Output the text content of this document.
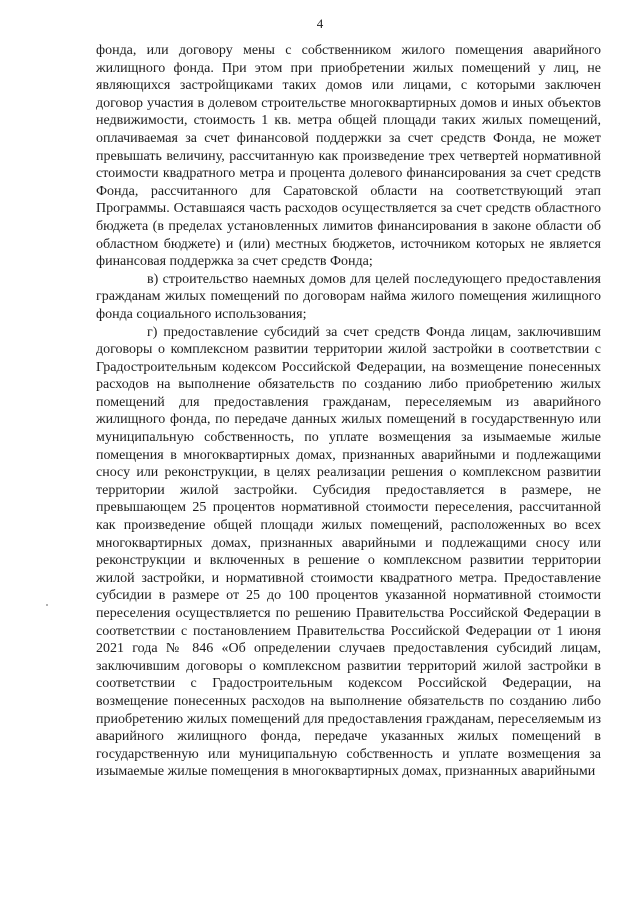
4

фонда, или договору мены с собственником жилого помещения аварийного жилищного фонда. При этом при приобретении жилых помещений у лиц, не являющихся застройщиками таких домов или лицами, с которыми заключен договор участия в долевом строительстве многоквартирных домов и иных объектов недвижимости, стоимость 1 кв. метра общей площади таких жилых помещений, оплачиваемая за счет финансовой поддержки за счет средств Фонда, не может превышать величину, рассчитанную как произведение трех четвертей нормативной стоимости квадратного метра и процента долевого финансирования за счет средств Фонда, рассчитанного для Саратовской области на соответствующий этап Программы. Оставшаяся часть расходов осуществляется за счет средств областного бюджета (в пределах установленных лимитов финансирования в законе области об областном бюджете) и (или) местных бюджетов, источником которых не является финансовая поддержка за счет средств Фонда;

в) строительство наемных домов для целей последующего предоставления гражданам жилых помещений по договорам найма жилого помещения жилищного фонда социального использования;

г) предоставление субсидий за счет средств Фонда лицам, заключившим договоры о комплексном развитии территории жилой застройки в соответствии с Градостроительным кодексом Российской Федерации, на возмещение понесенных расходов на выполнение обязательств по созданию либо приобретению жилых помещений для предоставления гражданам, переселяемым из аварийного жилищного фонда, по передаче данных жилых помещений в государственную или муниципальную собственность, по уплате возмещения за изымаемые жилые помещения в многоквартирных домах, признанных аварийными и подлежащими сносу или реконструкции, в целях реализации решения о комплексном развитии территории жилой застройки. Субсидия предоставляется в размере, не превышающем 25 процентов нормативной стоимости переселения, рассчитанной как произведение общей площади жилых помещений, расположенных во всех многоквартирных домах, признанных аварийными и подлежащими сносу или реконструкции и включенных в решение о комплексном развитии территории жилой застройки, и нормативной стоимости квадратного метра. Предоставление субсидии в размере от 25 до 100 процентов указанной нормативной стоимости переселения осуществляется по решению Правительства Российской Федерации в соответствии с постановлением Правительства Российской Федерации от 1 июня 2021 года № 846 «Об определении случаев предоставления субсидий лицам, заключившим договоры о комплексном развитии территорий жилой застройки в соответствии с Градостроительным кодексом Российской Федерации, на возмещение понесенных расходов на выполнение обязательств по созданию либо приобретению жилых помещений для предоставления гражданам, переселяемым из аварийного жилищного фонда, передаче указанных жилых помещений в государственную или муниципальную собственность и уплате возмещения за изымаемые жилые помещения в многоквартирных домах, признанных аварийными
